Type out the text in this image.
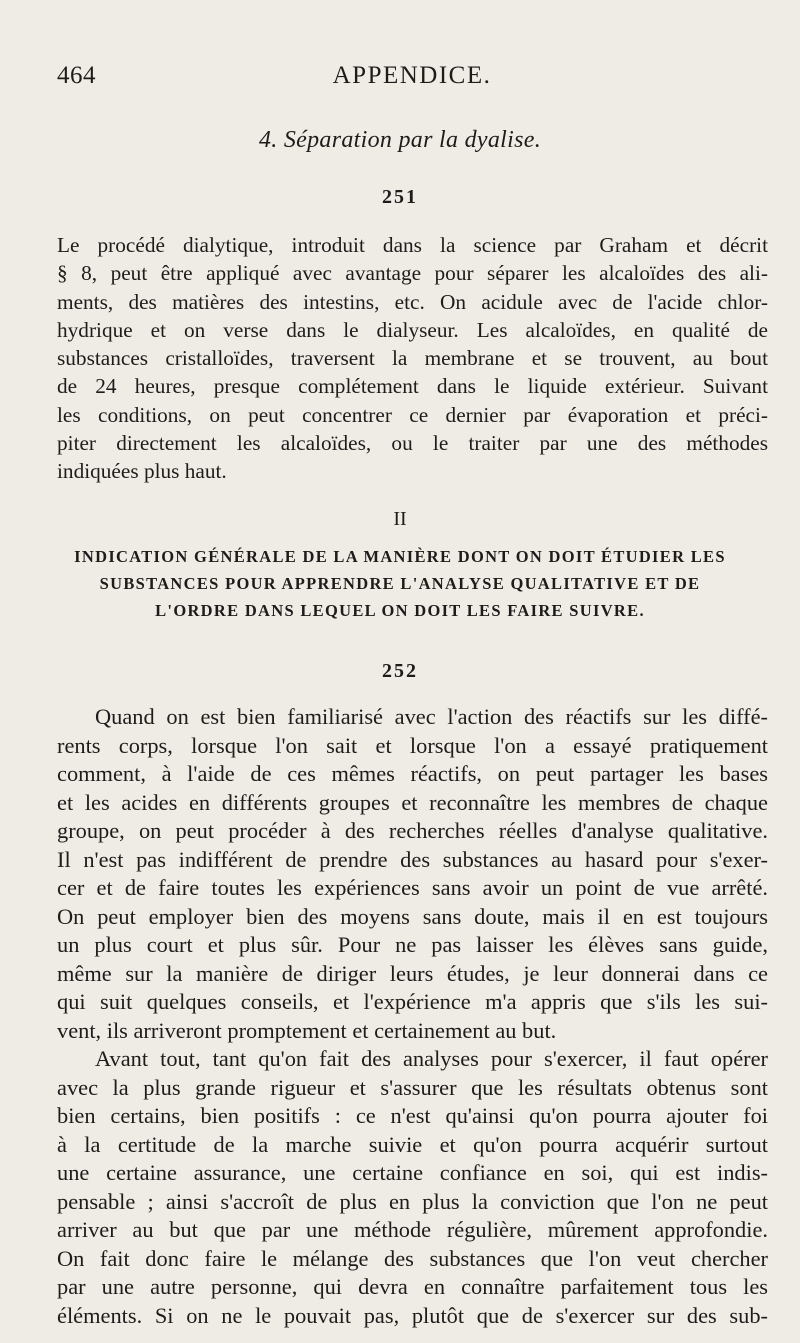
464	APPENDICE.
4. Séparation par la dyalise.
251
Le procédé dialytique, introduit dans la science par Graham et décrit
§ 8, peut être appliqué avec avantage pour séparer les alcaloïdes des ali-
ments, des matières des intestins, etc. On acidule avec de l'acide chlor-
hydrique et on verse dans le dialyseur. Les alcaloïdes, en qualité de
substances cristalloïdes, traversent la membrane et se trouvent, au bout
de 24 heures, presque complétement dans le liquide extérieur. Suivant
les conditions, on peut concentrer ce dernier par évaporation et préci-
piter directement les alcaloïdes, ou le traiter par une des méthodes
indiquées plus haut.
II
INDICATION GÉNÉRALE DE LA MANIÈRE DONT ON DOIT ÉTUDIER LES
SUBSTANCES POUR APPRENDRE L'ANALYSE QUALITATIVE ET DE
L'ORDRE DANS LEQUEL ON DOIT LES FAIRE SUIVRE.
252
Quand on est bien familiarisé avec l'action des réactifs sur les diffé-
rents corps, lorsque l'on sait et lorsque l'on a essayé pratiquement
comment, à l'aide de ces mêmes réactifs, on peut partager les bases
et les acides en différents groupes et reconnaître les membres de chaque
groupe, on peut procéder à des recherches réelles d'analyse qualitative.
Il n'est pas indifférent de prendre des substances au hasard pour s'exer-
cer et de faire toutes les expériences sans avoir un point de vue arrêté.
On peut employer bien des moyens sans doute, mais il en est toujours
un plus court et plus sûr. Pour ne pas laisser les élèves sans guide,
même sur la manière de diriger leurs études, je leur donnerai dans ce
qui suit quelques conseils, et l'expérience m'a appris que s'ils les sui-
vent, ils arriveront promptement et certainement au but.
Avant tout, tant qu'on fait des analyses pour s'exercer, il faut opérer
avec la plus grande rigueur et s'assurer que les résultats obtenus sont
bien certains, bien positifs : ce n'est qu'ainsi qu'on pourra ajouter foi
à la certitude de la marche suivie et qu'on pourra acquérir surtout
une certaine assurance, une certaine confiance en soi, qui est indis-
pensable ; ainsi s'accroît de plus en plus la conviction que l'on ne peut
arriver au but que par une méthode régulière, mûrement approfondie.
On fait donc faire le mélange des substances que l'on veut chercher
par une autre personne, qui devra en connaître parfaitement tous les
éléments. Si on ne le pouvait pas, plutôt que de s'exercer sur des sub-
